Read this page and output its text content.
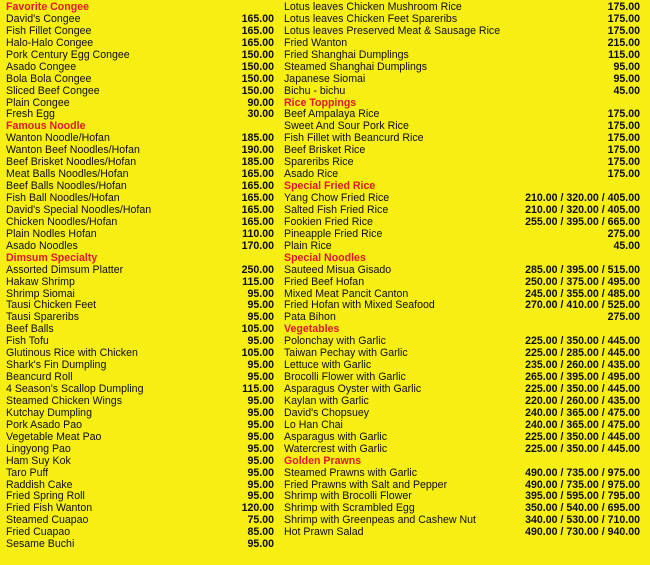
Favorite Congee
David's Congee	165.00
Fish Fillet Congee	165.00
Halo-Halo Congee	165.00
Pork Century Egg Congee	150.00
Asado Congee	150.00
Bola Bola Congee	150.00
Sliced Beef Congee	150.00
Plain Congee	90.00
Fresh Egg	30.00
Famous Noodle
Wanton Noodle/Hofan	185.00
Wanton Beef Noodles/Hofan	190.00
Beef Brisket Noodles/Hofan	185.00
Meat Balls Noodles/Hofan	165.00
Beef Balls Noodles/Hofan	165.00
Fish Ball Noodles/Hofan	165.00
David's Special Noodles/Hofan	165.00
Chicken Noodles/Hofan	165.00
Plain Nodles Hofan	110.00
Asado Noodles	170.00
Dimsum Specialty
Assorted Dimsum Platter	250.00
Hakaw Shrimp	115.00
Shrimp Siomai	95.00
Tausi Chicken Feet	95.00
Tausi Spareribs	95.00
Beef Balls	105.00
Fish Tofu	95.00
Glutinous Rice with Chicken	105.00
Shark's Fin Dumpling	95.00
Beancurd Roll	95.00
4 Season's Scallop Dumpling	115.00
Steamed Chicken Wings	95.00
Kutchay Dumpling	95.00
Pork Asado Pao	95.00
Vegetable Meat Pao	95.00
Lingyong Pao	95.00
Ham Suy Kok	95.00
Taro Puff	95.00
Raddish Cake	95.00
Fried Spring Roll	95.00
Fried Fish Wanton	120.00
Steamed Cuapao	75.00
Fried Cuapao	85.00
Sesame Buchi	95.00
Lotus leaves Chicken Mushroom Rice	175.00
Lotus leaves Chicken Feet Spareribs	175.00
Lotus leaves Preserved Meat & Sausage Rice	175.00
Fried Wanton	215.00
Fried Shanghai Dumplings	115.00
Steamed Shanghai Dumplings	95.00
Japanese Siomai	95.00
Bichu - bichu	45.00
Rice Toppings
Beef Ampalaya Rice	175.00
Sweet And Sour Pork Rice	175.00
Fish Fillet with Beancurd Rice	175.00
Beef Brisket Rice	175.00
Spareribs Rice	175.00
Asado Rice	175.00
Special Fried Rice
Yang Chow Fried Rice	210.00 / 320.00 / 405.00
Salted Fish Fried Rice	210.00 / 320.00 / 405.00
Fookien Fried Rice	255.00 / 395.00 / 665.00
Pineapple Fried Rice	275.00
Plain Rice	45.00
Special Noodles
Sauteed Misua Gisado	285.00 / 395.00 / 515.00
Fried Beef Hofan	250.00 / 375.00 / 495.00
Mixed Meat Pancit Canton	245.00 / 355.00 / 485.00
Fried Hofan with Mixed Seafood	270.00 / 410.00 / 525.00
Pata Bihon	275.00
Vegetables
Polonchay with Garlic	225.00 / 350.00 / 445.00
Taiwan Pechay with Garlic	225.00 / 285.00 / 445.00
Lettuce with Garlic	235.00 / 260.00 / 435.00
Brocolli Flower with Garlic	265.00 / 395.00 / 495.00
Asparagus Oyster with Garlic	225.00 / 350.00 / 445.00
Kaylan with Garlic	220.00 / 260.00 / 435.00
David's Chopsuey	240.00 / 365.00 / 475.00
Lo Han Chai	240.00 / 365.00 / 475.00
Asparagus with Garlic	225.00 / 350.00 / 445.00
Watercrest with Garlic	225.00 / 350.00 / 445.00
Golden Prawns
Steamed Prawns with Garlic	490.00 / 735.00 / 975.00
Fried Prawns with Salt and Pepper	490.00 / 735.00 / 975.00
Shrimp with Brocolli Flower	395.00 / 595.00 / 795.00
Shrimp with Scrambled Egg	350.00 / 540.00 / 695.00
Shrimp with Greenpeas and Cashew Nut	340.00 / 530.00 / 710.00
Hot Prawn Salad	490.00 / 730.00 / 940.00
